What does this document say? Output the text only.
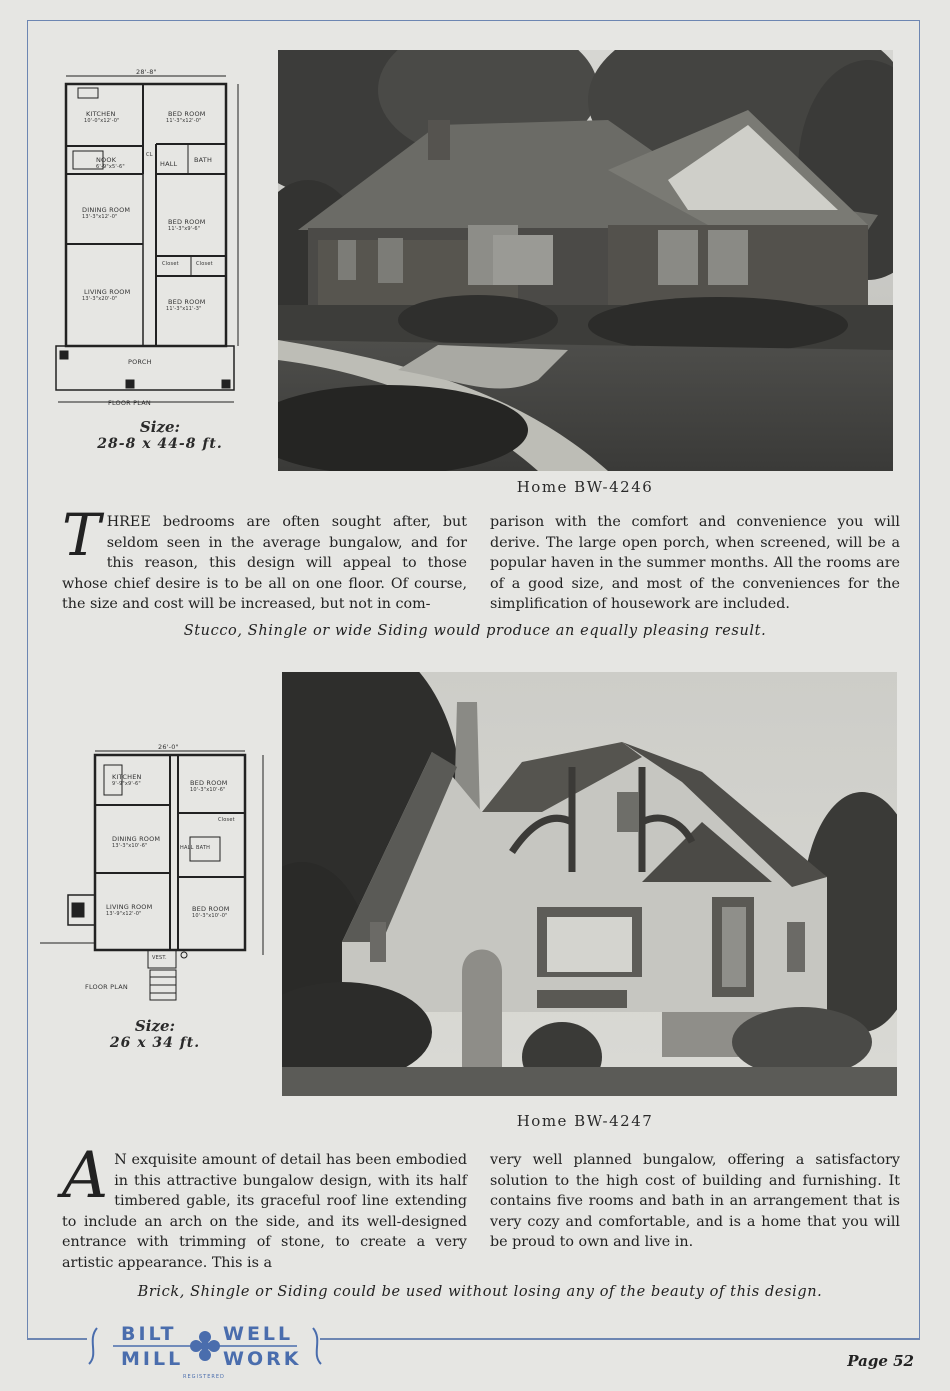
28'-8"
KITCHEN
10'-0"x12'-0"
BED ROOM
11'-3"x12'-0"
NOOK
6'-9"x5'-6"
CL
HALL	BATH
DINING ROOM
13'-3"x12'-0"
BED ROOM
11'-3"x9'-6"
Closet	Closet
LIVING ROOM
13'-3"x20'-0"	BED ROOM
11'-3"x11'-3"
PORCH
FLOOR PLAN
Size:
28-8 x 44-8 ft.
Home BW-4246
T HREE bedrooms are often sought after, but seldom seen in the average bungalow, and for this reason, this design will appeal to those whose chief desire is to be all on one floor. Of course, the size and cost will be increased, but not in com-
parison with the comfort and convenience you will derive. The large open porch, when screened, will be a popular haven in the summer months. All the rooms are of a good size, and most of the conveniences for the simplification of housework are included.
Stucco, Shingle or wide Siding would produce an equally pleasing result.
26'-0"
KITCHEN
9'-9"x9'-6"	BED ROOM
10'-3"x10'-6"
Closet
DINING ROOM
13'-3"x10'-6"	HALL BATH
LIVING ROOM
13'-9"x12'-0"
BED ROOM
10'-3"x10'-0"
VEST.
FLOOR PLAN
Size:
26 x 34 ft.
Home BW-4247
A N exquisite amount of detail has been embodied in this attractive bungalow design, with its half timbered gable, its graceful roof line extending to include an arch on the side, and its well-designed entrance with trimming of stone, to create a very artistic appearance. This is a
very well planned bungalow, offering a satisfactory solution to the high cost of building and furnishing. It contains five rooms and bath in an arrangement that is very cozy and comfortable, and is a home that you will be proud to own and live in.
Brick, Shingle or Siding could be used without losing any of the beauty of this design.
BILT WELL
MILL WORK
REGISTERED
Page 52
